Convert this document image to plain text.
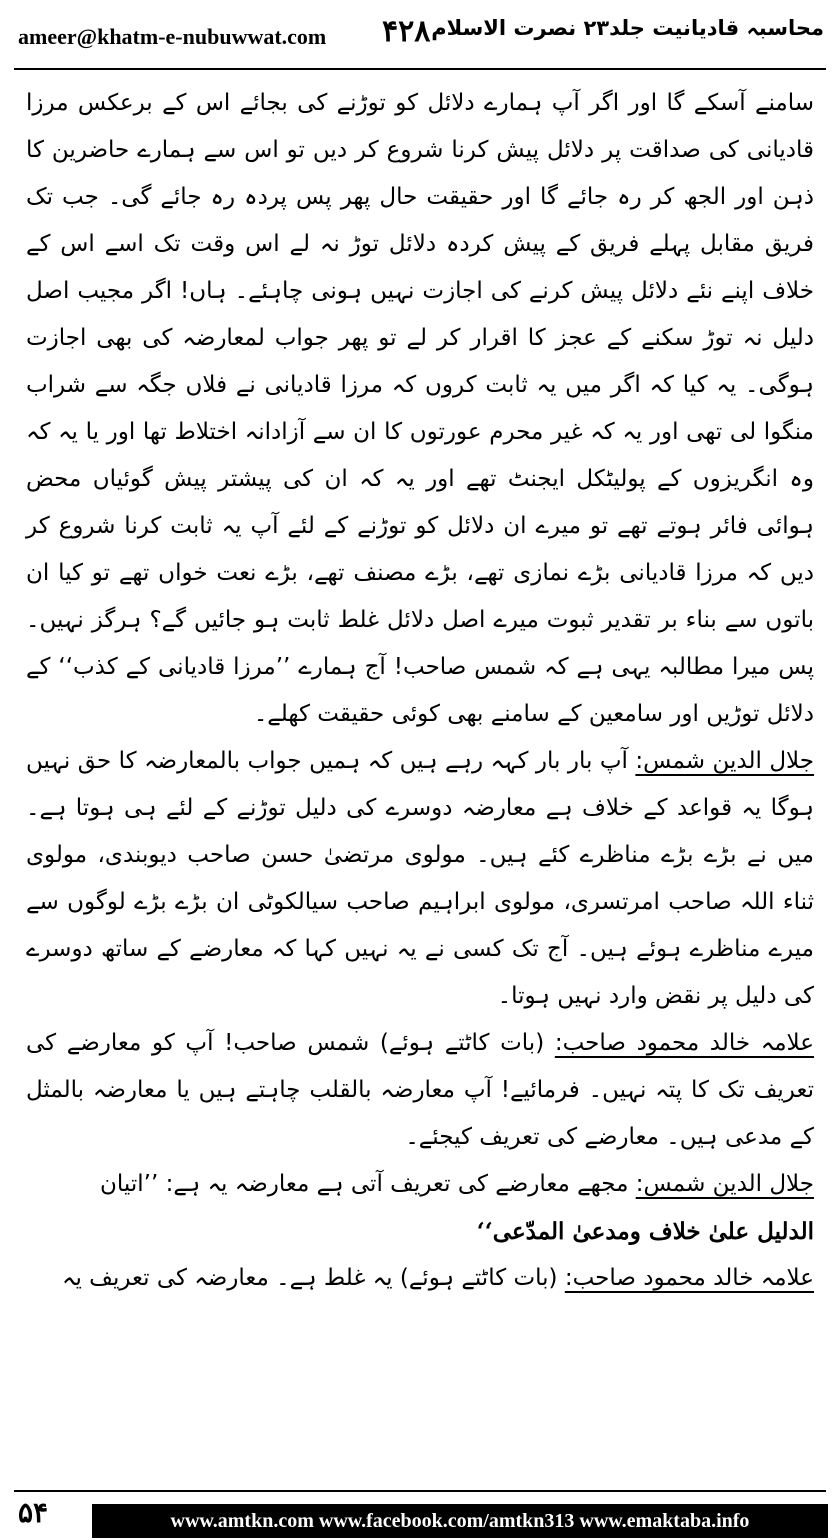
ameer@khatm-e-nubuwwat.com ۴۲۸ محاسبہ قادیانیت جلد۲۳ نصرت الاسلام

سامنے آسکے گا اور اگر آپ ہمارے دلائل کو توڑنے کی بجائے اس کے برعکس مرزا قادیانی کی صداقت پر دلائل پیش کرنا شروع کر دیں تو اس سے ہمارے حاضرین کا ذہن اور الجھ کر رہ جائے گا اور حقیقت حال پھر پس پردہ رہ جائے گی۔ جب تک فریق مقابل پہلے فریق کے پیش کردہ دلائل توڑ نہ لے اس وقت تک اسے اس کے خلاف اپنے نئے دلائل پیش کرنے کی اجازت نہیں ہونی چاہئے۔ ہاں! اگر مجیب اصل دلیل نہ توڑ سکنے کے عجز کا اقرار کر لے تو پھر جواب لمعارضہ کی بھی اجازت ہوگی۔ یہ کیا کہ اگر میں یہ ثابت کروں کہ مرزا قادیانی نے فلاں جگہ سے شراب منگوا لی تھی اور یہ کہ غیر محرم عورتوں کا ان سے آزادانہ اختلاط تھا اور یا یہ کہ وہ انگریزوں کے پولیٹکل ایجنٹ تھے اور یہ کہ ان کی پیشتر پیش گوئیاں محض ہوائی فائر ہوتے تھے تو میرے ان دلائل کو توڑنے کے لئے آپ یہ ثابت کرنا شروع کر دیں کہ مرزا قادیانی بڑے نمازی تھے، بڑے مصنف تھے، بڑے نعت خواں تھے تو کیا ان باتوں سے بناء بر تقدیر ثبوت میرے اصل دلائل غلط ثابت ہو جائیں گے؟ ہرگز نہیں۔ پس میرا مطالبہ یہی ہے کہ شمس صاحب! آج ہمارے ’’مرزا قادیانی کے کذب‘‘ کے دلائل توڑیں اور سامعین کے سامنے بھی کوئی حقیقت کھلے۔

جلال الدین شمس: آپ بار بار کہہ رہے ہیں کہ ہمیں جواب بالمعارضہ کا حق نہیں ہوگا یہ قواعد کے خلاف ہے معارضہ دوسرے کی دلیل توڑنے کے لئے ہی ہوتا ہے۔ میں نے بڑے بڑے مناظرے کئے ہیں۔ مولوی مرتضیٰ حسن صاحب دیوبندی، مولوی ثناء اللہ صاحب امرتسری، مولوی ابراہیم صاحب سیالکوٹی ان بڑے بڑے لوگوں سے میرے مناظرے ہوئے ہیں۔ آج تک کسی نے یہ نہیں کہا کہ معارضے کے ساتھ دوسرے کی دلیل پر نقض وارد نہیں ہوتا۔

علامہ خالد محمود صاحب: (بات کاٹتے ہوئے) شمس صاحب! آپ کو معارضے کی تعریف تک کا پتہ نہیں۔ فرمائیے! آپ معارضہ بالقلب چاہتے ہیں یا معارضہ بالمثل کے مدعی ہیں۔ معارضے کی تعریف کیجئے۔

جلال الدین شمس: مجھے معارضے کی تعریف آتی ہے معارضہ یہ ہے: ’’اتیان

الدلیل علیٰ خلاف ومدعیٰ المدّعی‘‘

علامہ خالد محمود صاحب: (بات کاٹتے ہوئے) یہ غلط ہے۔ معارضہ کی تعریف یہ

۵۴	www.amtkn.com www.facebook.com/amtkn313 www.emaktaba.info
